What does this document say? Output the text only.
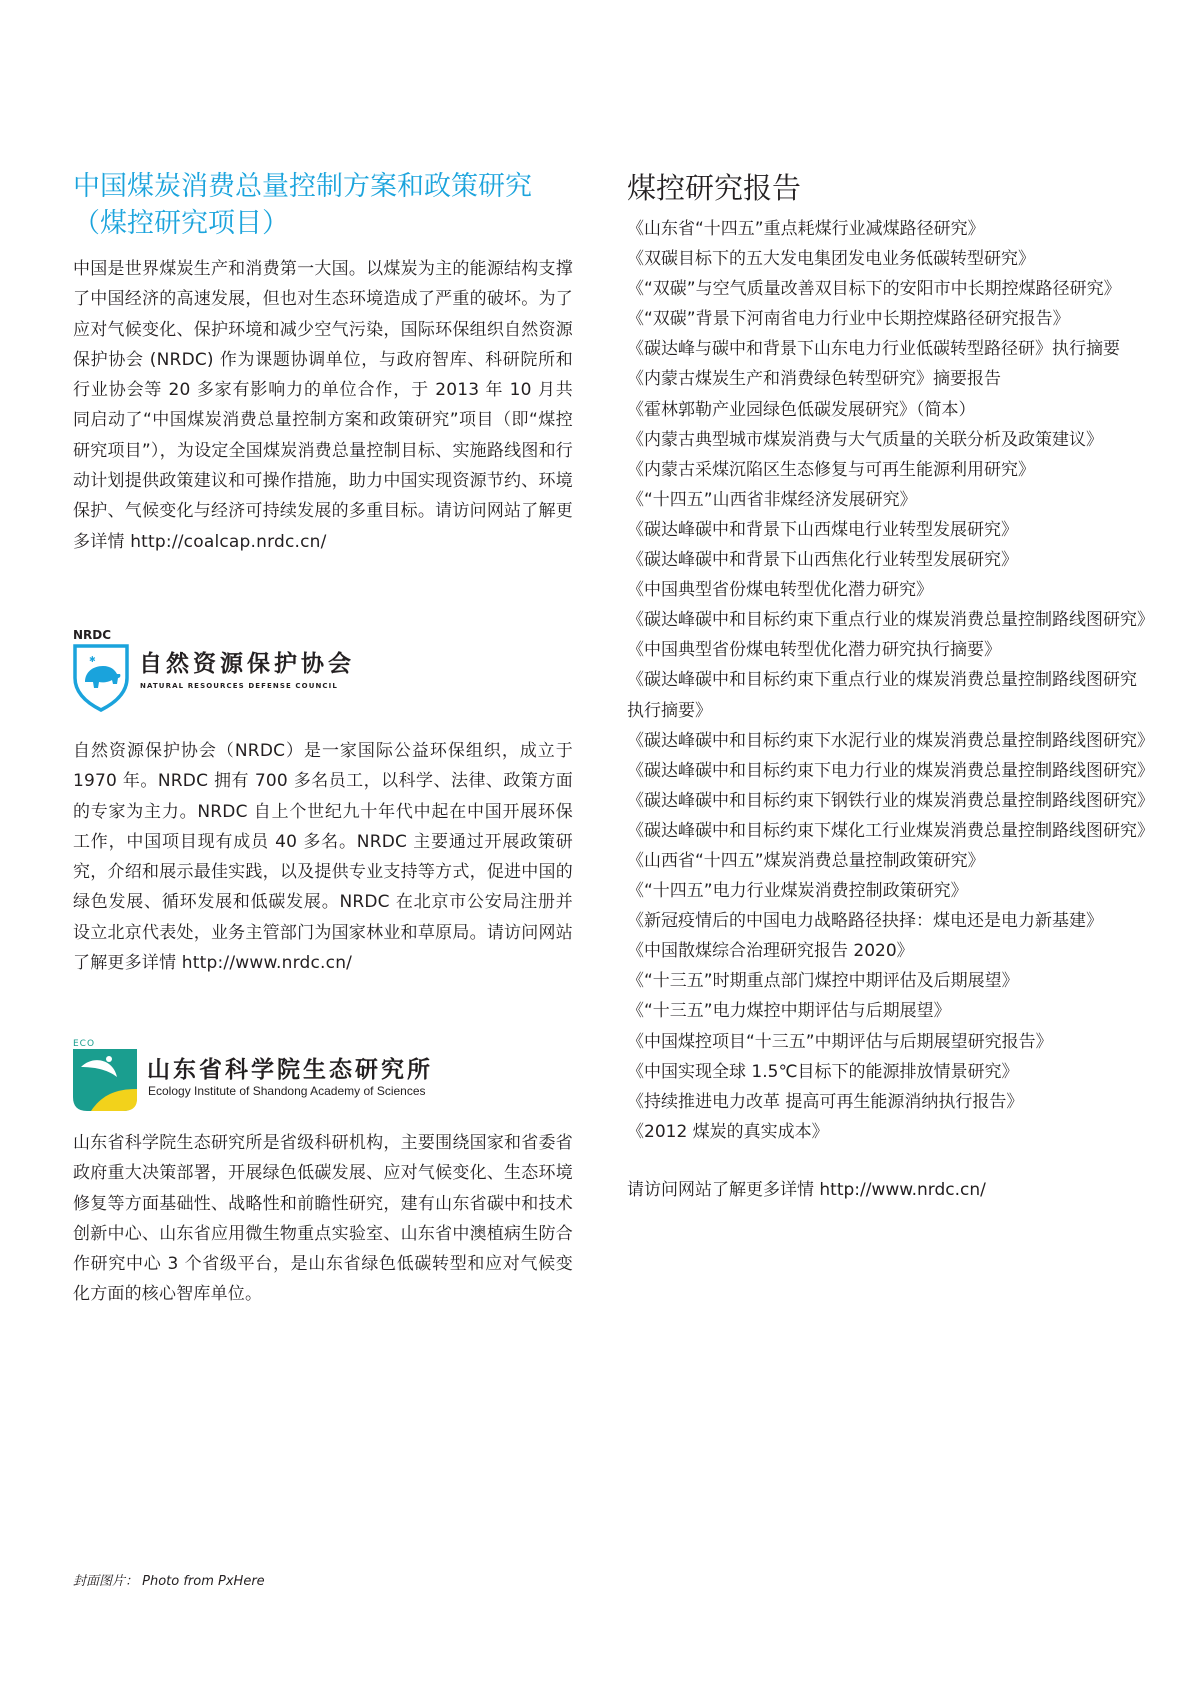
中国煤炭消费总量控制方案和政策研究（煤控研究项目）

中国是世界煤炭生产和消费第一大国。以煤炭为主的能源结构支撑了中国经济的高速发展，但也对生态环境造成了严重的破坏。为了应对气候变化、保护环境和减少空气污染，国际环保组织自然资源保护协会 (NRDC) 作为课题协调单位，与政府智库、科研院所和行业协会等 20 多家有影响力的单位合作，于 2013 年 10 月共同启动了“中国煤炭消费总量控制方案和政策研究”项目（即“煤控研究项目”），为设定全国煤炭消费总量控制目标、实施路线图和行动计划提供政策建议和可操作措施，助力中国实现资源节约、环境保护、气候变化与经济可持续发展的多重目标。请访问网站了解更多详情 http://coalcap.nrdc.cn/

NRDC
✱ 自然资源保护协会
NATURAL RESOURCES DEFENSE COUNCIL

自然资源保护协会（NRDC）是一家国际公益环保组织，成立于 1970 年。NRDC 拥有 700 多名员工，以科学、法律、政策方面的专家为主力。NRDC 自上个世纪九十年代中起在中国开展环保工作，中国项目现有成员 40 多名。NRDC 主要通过开展政策研究，介绍和展示最佳实践，以及提供专业支持等方式，促进中国的绿色发展、循环发展和低碳发展。NRDC 在北京市公安局注册并设立北京代表处，业务主管部门为国家林业和草原局。请访问网站了解更多详情 http://www.nrdc.cn/

ECO
山东省科学院生态研究所
Ecology Institute of Shandong Academy of Sciences

山东省科学院生态研究所是省级科研机构，主要围绕国家和省委省政府重大决策部署，开展绿色低碳发展、应对气候变化、生态环境修复等方面基础性、战略性和前瞻性研究，建有山东省碳中和技术创新中心、山东省应用微生物重点实验室、山东省中澳植病生防合作研究中心 3 个省级平台，是山东省绿色低碳转型和应对气候变化方面的核心智库单位。

煤控研究报告
《山东省“十四五”重点耗煤行业减煤路径研究》
《双碳目标下的五大发电集团发电业务低碳转型研究》
《“双碳”与空气质量改善双目标下的安阳市中长期控煤路径研究》
《“双碳”背景下河南省电力行业中长期控煤路径研究报告》
《碳达峰与碳中和背景下山东电力行业低碳转型路径研》执行摘要
《内蒙古煤炭生产和消费绿色转型研究》摘要报告
《霍林郭勒产业园绿色低碳发展研究》（简本）
《内蒙古典型城市煤炭消费与大气质量的关联分析及政策建议》
《内蒙古采煤沉陷区生态修复与可再生能源利用研究》
《“十四五”山西省非煤经济发展研究》
《碳达峰碳中和背景下山西煤电行业转型发展研究》
《碳达峰碳中和背景下山西焦化行业转型发展研究》
《中国典型省份煤电转型优化潜力研究》
《碳达峰碳中和目标约束下重点行业的煤炭消费总量控制路线图研究》
《中国典型省份煤电转型优化潜力研究执行摘要》
《碳达峰碳中和目标约束下重点行业的煤炭消费总量控制路线图研究执行摘要》
《碳达峰碳中和目标约束下水泥行业的煤炭消费总量控制路线图研究》
《碳达峰碳中和目标约束下电力行业的煤炭消费总量控制路线图研究》
《碳达峰碳中和目标约束下钢铁行业的煤炭消费总量控制路线图研究》
《碳达峰碳中和目标约束下煤化工行业煤炭消费总量控制路线图研究》
《山西省“十四五”煤炭消费总量控制政策研究》
《“十四五”电力行业煤炭消费控制政策研究》
《新冠疫情后的中国电力战略路径抉择：煤电还是电力新基建》
《中国散煤综合治理研究报告 2020》
《“十三五”时期重点部门煤控中期评估及后期展望》
《“十三五”电力煤控中期评估与后期展望》
《中国煤控项目“十三五”中期评估与后期展望研究报告》
《中国实现全球 1.5℃目标下的能源排放情景研究》
《持续推进电力改革 提高可再生能源消纳执行报告》
《2012 煤炭的真实成本》
请访问网站了解更多详情 http://www.nrdc.cn/
封面图片： Photo from PxHere
